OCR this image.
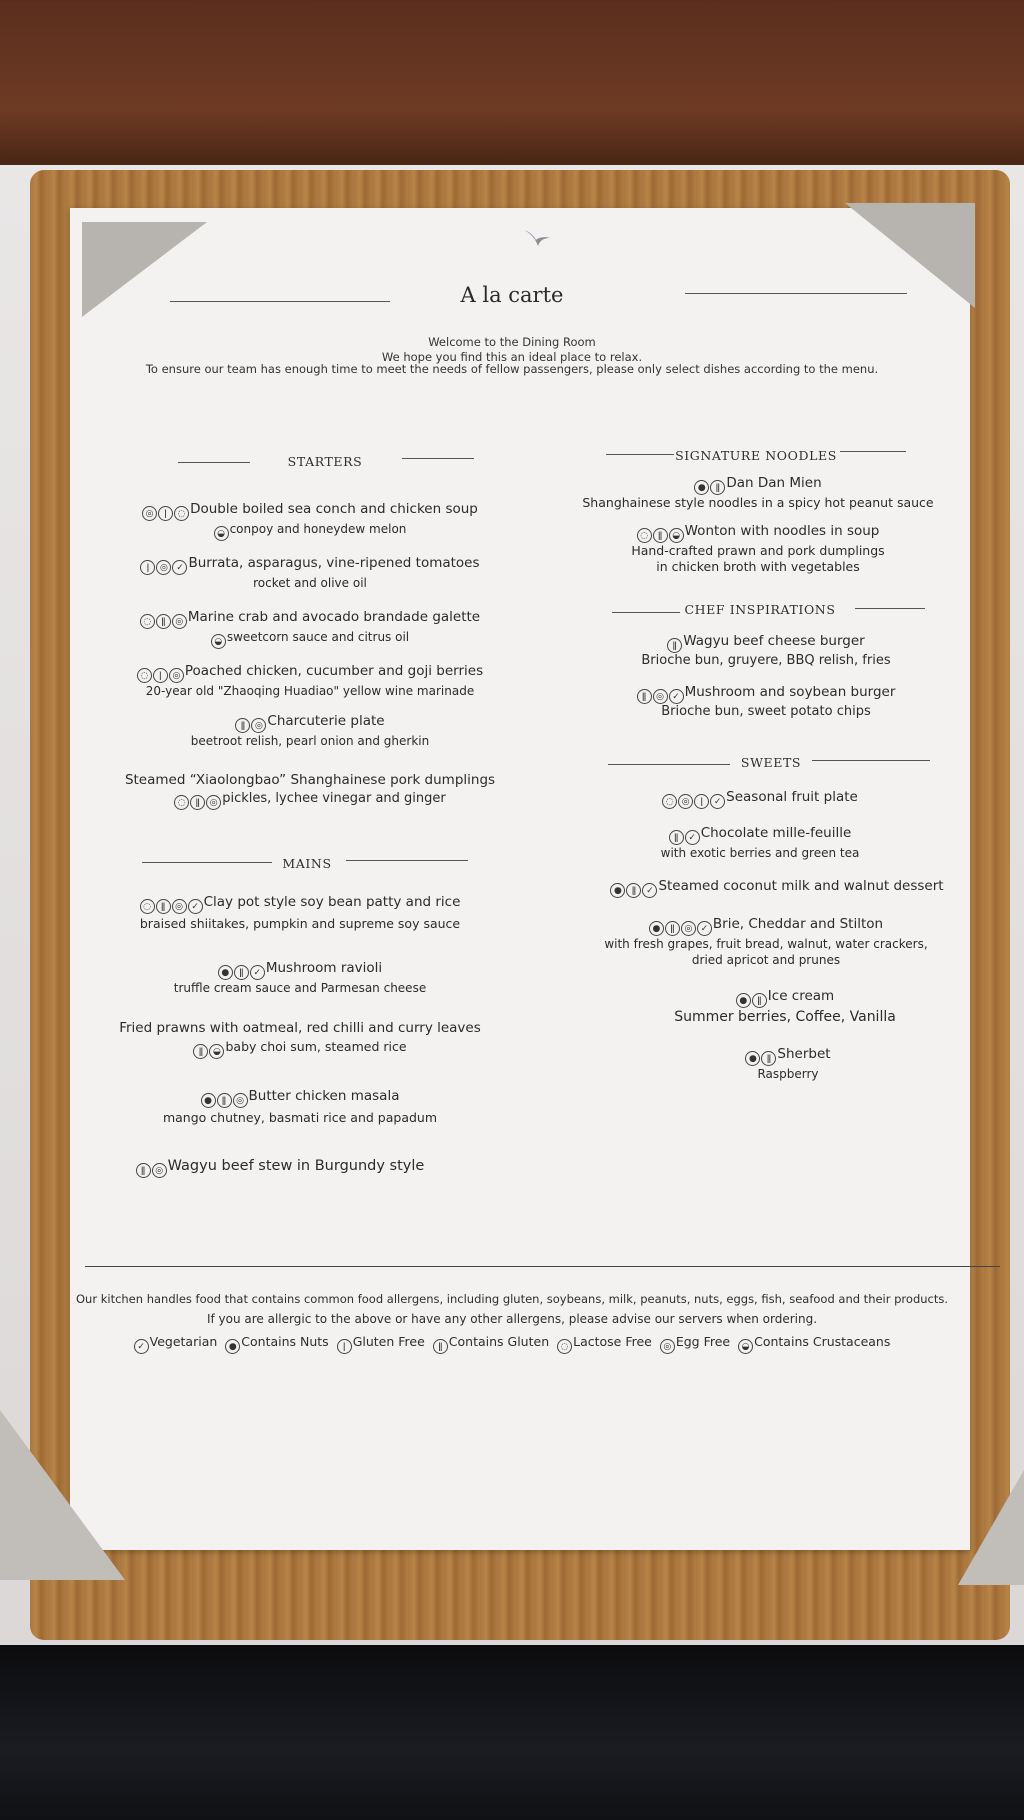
A la carte
Welcome to the Dining Room
We hope you find this an ideal place to relax.
To ensure our team has enough time to meet the needs of fellow passengers, please only select dishes according to the menu.
STARTERS
◎ ǀ ◌ Double boiled sea conch and chicken soup
◒ conpoy and honeydew melon
ǀ ◎ ✓ Burrata, asparagus, vine-ripened tomatoes
rocket and olive oil
◌ ǁ ◎ Marine crab and avocado brandade galette
◒ sweetcorn sauce and citrus oil
◌ ǀ ◎ Poached chicken, cucumber and goji berries
20-year old "Zhaoqing Huadiao" yellow wine marinade
ǁ ◎ Charcuterie plate
beetroot relish, pearl onion and gherkin
Steamed “Xiaolongbao” Shanghainese pork dumplings
◌ ǁ ◎ pickles, lychee vinegar and ginger
MAINS
◌ ǁ ◎ ✓ Clay pot style soy bean patty and rice
braised shiitakes, pumpkin and supreme soy sauce
● ǁ ✓ Mushroom ravioli
truffle cream sauce and Parmesan cheese
Fried prawns with oatmeal, red chilli and curry leaves
ǁ ◒ baby choi sum, steamed rice
● ǁ ◎ Butter chicken masala
mango chutney, basmati rice and papadum
ǁ ◎ Wagyu beef stew in Burgundy style
SIGNATURE NOODLES
● ǁ Dan Dan Mien
Shanghainese style noodles in a spicy hot peanut sauce
◌ ǁ ◒ Wonton with noodles in soup
Hand-crafted prawn and pork dumplings
in chicken broth with vegetables
CHEF INSPIRATIONS
ǁ Wagyu beef cheese burger
Brioche bun, gruyere, BBQ relish, fries
ǁ ◎ ✓ Mushroom and soybean burger
Brioche bun, sweet potato chips
SWEETS
◌ ◎ ǀ ✓ Seasonal fruit plate
ǁ ✓ Chocolate mille-feuille
with exotic berries and green tea
● ǁ ✓ Steamed coconut milk and walnut dessert
● ǁ ◎ ✓ Brie, Cheddar and Stilton
with fresh grapes, fruit bread, walnut, water crackers,
dried apricot and prunes
● ǁ Ice cream
Summer berries, Coffee, Vanilla
● ǁ Sherbet
Raspberry
Our kitchen handles food that contains common food allergens, including gluten, soybeans, milk, peanuts, nuts, eggs, fish, seafood and their products.
If you are allergic to the above or have any other allergens, please advise our servers when ordering.
✓ Vegetarian ● Contains Nuts ǀ Gluten Free ǁ Contains Gluten ◌ Lactose Free ◎ Egg Free ◒ Contains Crustaceans
